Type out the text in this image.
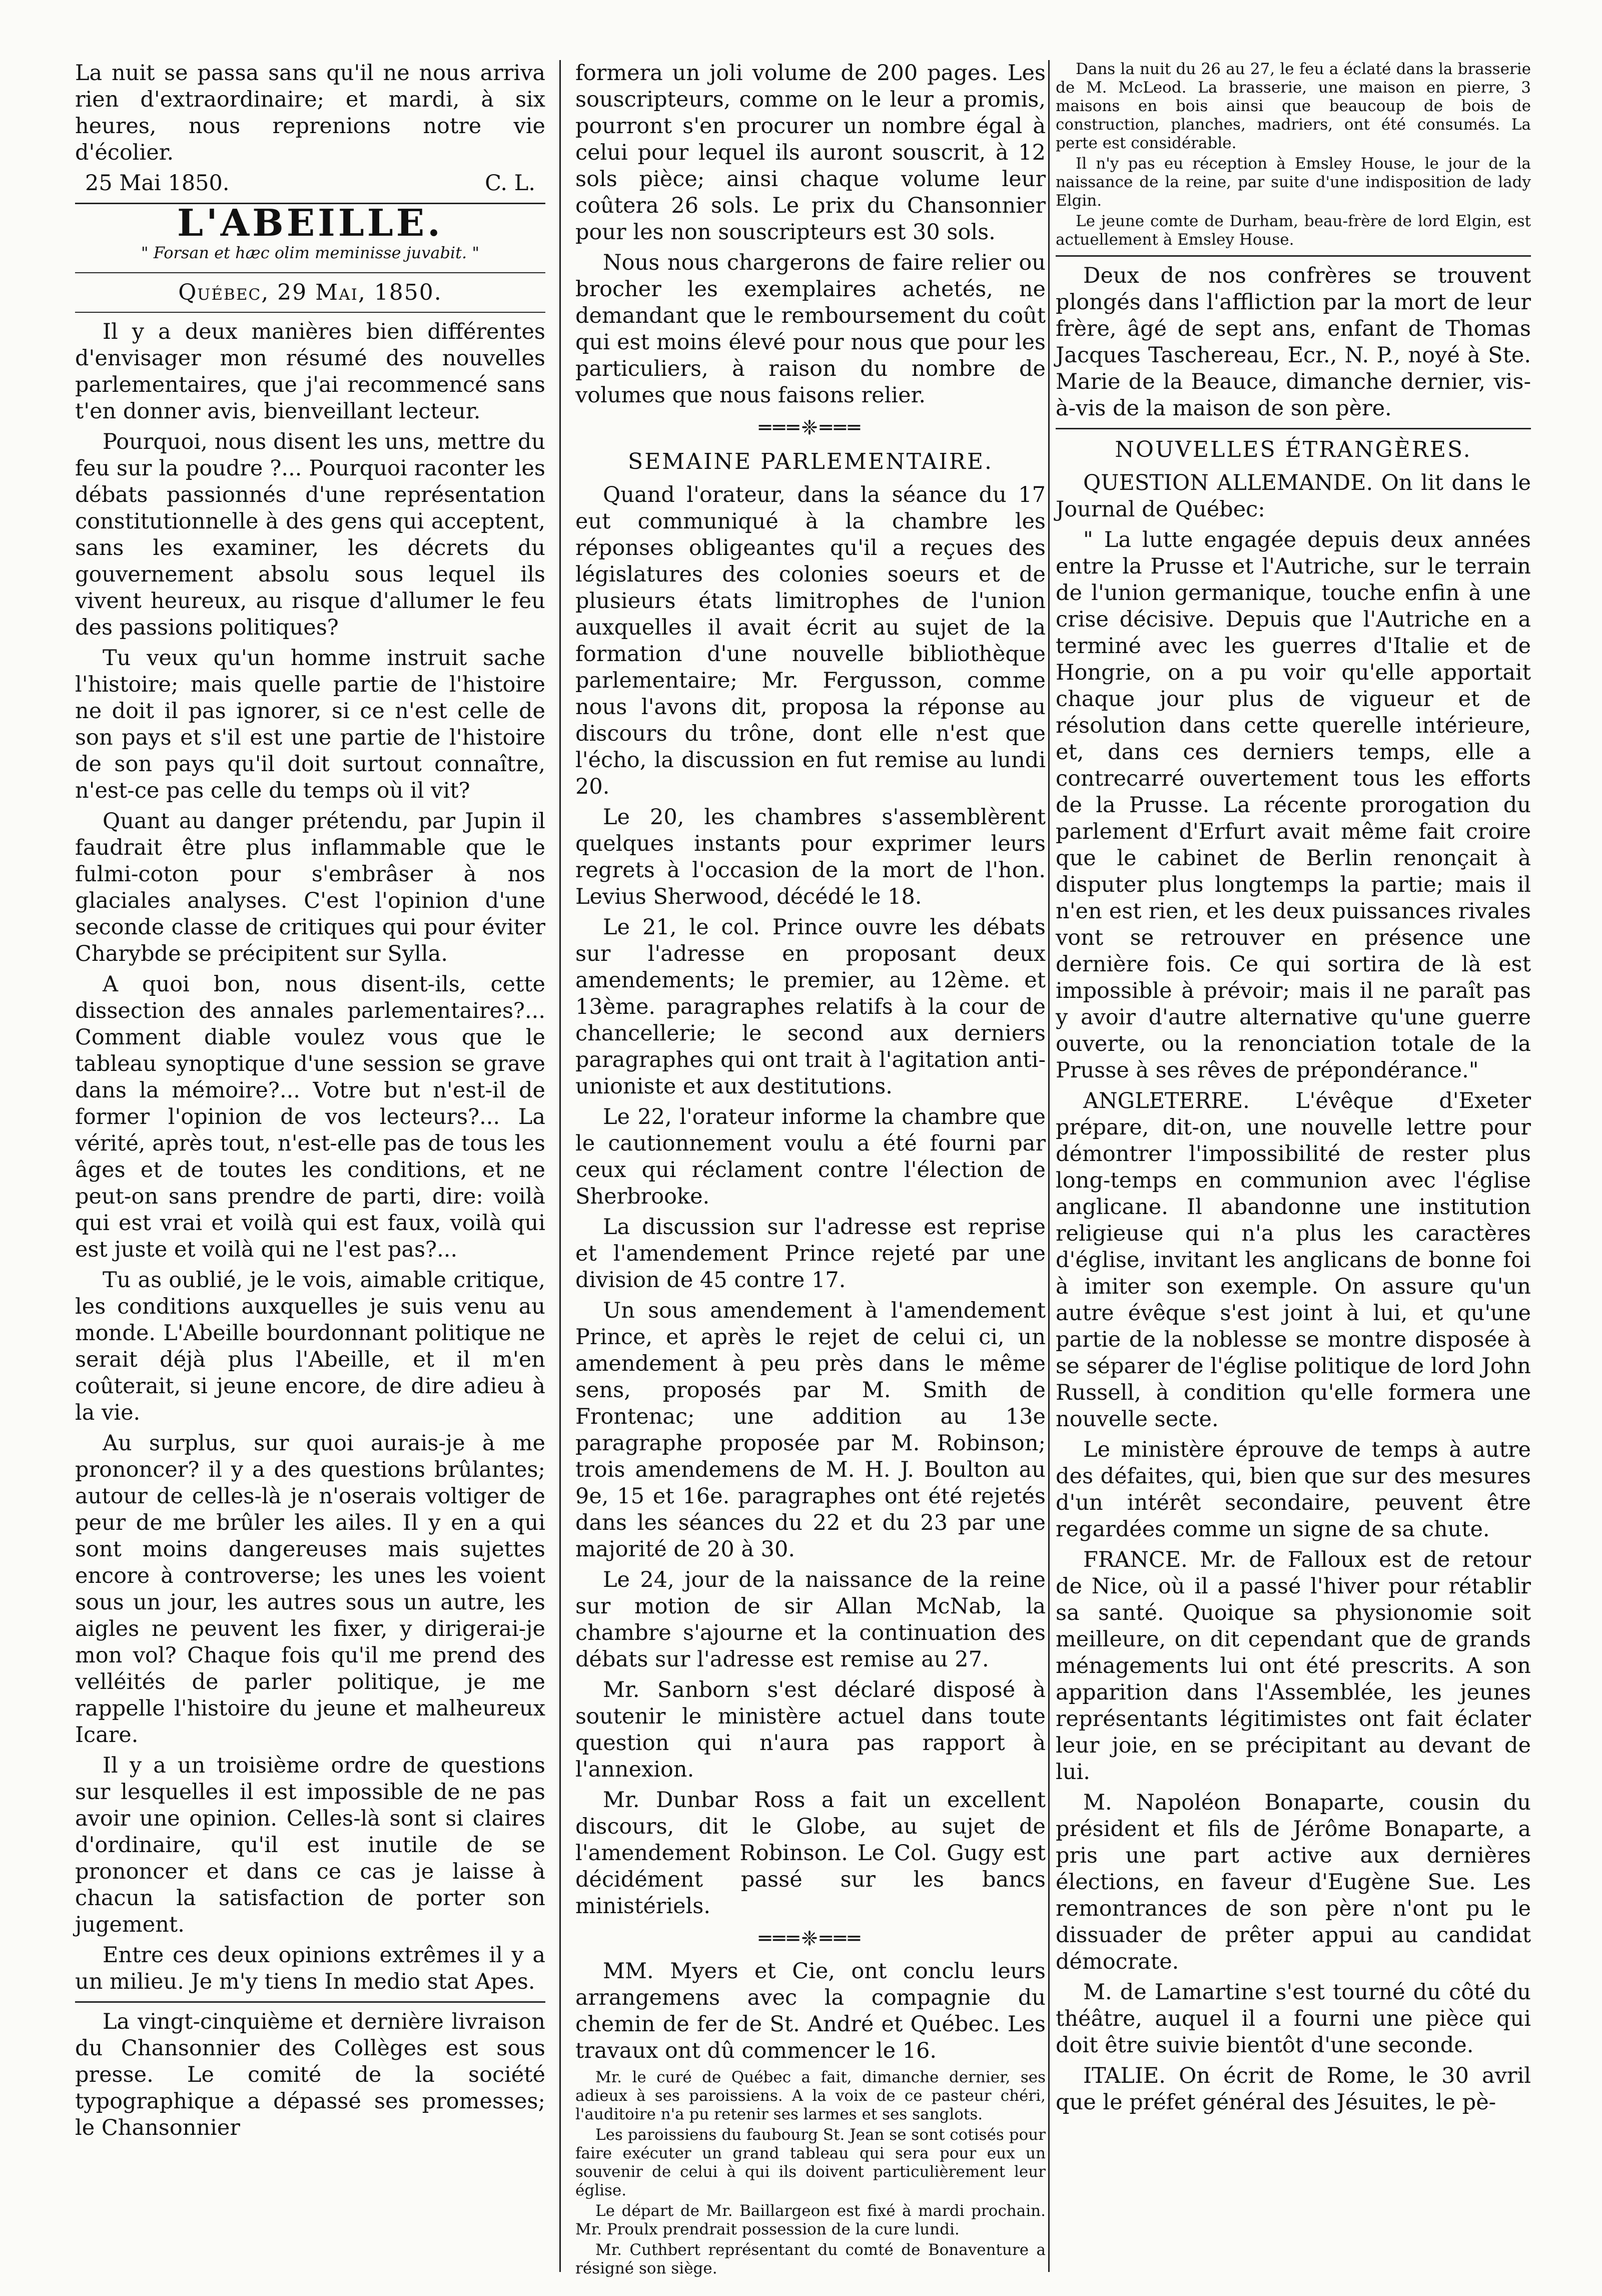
La nuit se passa sans qu'il ne nous arriva rien d'extraordinaire; et mardi, à six heures, nous reprenions notre vie d'écolier.

25 Mai 1850.	C. L.
L'ABEILLE.
" Forsan et hæc olim meminisse juvabit. "
Québec, 29 Mai, 1850.

Il y a deux manières bien différentes d'envisager mon résumé des nouvelles parlementaires, que j'ai recommencé sans t'en donner avis, bienveillant lecteur.

Pourquoi, nous disent les uns, mettre du feu sur la poudre ?... Pourquoi raconter les débats passionnés d'une représentation constitutionnelle à des gens qui acceptent, sans les examiner, les décrets du gouvernement absolu sous lequel ils vivent heureux, au risque d'allumer le feu des passions politiques?

Tu veux qu'un homme instruit sache l'histoire; mais quelle partie de l'histoire ne doit il pas ignorer, si ce n'est celle de son pays et s'il est une partie de l'histoire de son pays qu'il doit surtout connaître, n'est-ce pas celle du temps où il vit?

Quant au danger prétendu, par Jupin il faudrait être plus inflammable que le fulmi-coton pour s'embrâser à nos glaciales analyses. C'est l'opinion d'une seconde classe de critiques qui pour éviter Charybde se précipitent sur Sylla.

A quoi bon, nous disent-ils, cette dissection des annales parlementaires?... Comment diable voulez vous que le tableau synoptique d'une session se grave dans la mémoire?... Votre but n'est-il de former l'opinion de vos lecteurs?... La vérité, après tout, n'est-elle pas de tous les âges et de toutes les conditions, et ne peut-on sans prendre de parti, dire: voilà qui est vrai et voilà qui est faux, voilà qui est juste et voilà qui ne l'est pas?...

Tu as oublié, je le vois, aimable critique, les conditions auxquelles je suis venu au monde. L'Abeille bourdonnant politique ne serait déjà plus l'Abeille, et il m'en coûterait, si jeune encore, de dire adieu à la vie.

Au surplus, sur quoi aurais-je à me prononcer? il y a des questions brûlantes; autour de celles-là je n'oserais voltiger de peur de me brûler les ailes. Il y en a qui sont moins dangereuses mais sujettes encore à controverse; les unes les voient sous un jour, les autres sous un autre, les aigles ne peuvent les fixer, y dirigerai-je mon vol? Chaque fois qu'il me prend des velléités de parler politique, je me rappelle l'histoire du jeune et malheureux Icare.

Il y a un troisième ordre de questions sur lesquelles il est impossible de ne pas avoir une opinion. Celles-là sont si claires d'ordinaire, qu'il est inutile de se prononcer et dans ce cas je laisse à chacun la satisfaction de porter son jugement.

Entre ces deux opinions extrêmes il y a un milieu. Je m'y tiens In medio stat Apes.

La vingt-cinquième et dernière livraison du Chansonnier des Collèges est sous presse. Le comité de la société typographique a dépassé ses promesses; le Chansonnier

formera un joli volume de 200 pages. Les souscripteurs, comme on le leur a promis, pourront s'en procurer un nombre égal à celui pour lequel ils auront souscrit, à 12 sols pièce; ainsi chaque volume leur coûtera 26 sols. Le prix du Chansonnier pour les non souscripteurs est 30 sols.

Nous nous chargerons de faire relier ou brocher les exemplaires achetés, ne demandant que le remboursement du coût qui est moins élevé pour nous que pour les particuliers, à raison du nombre de volumes que nous faisons relier.

═══❈═══
SEMAINE PARLEMENTAIRE.

Quand l'orateur, dans la séance du 17 eut communiqué à la chambre les réponses obligeantes qu'il a reçues des législatures des colonies soeurs et de plusieurs états limitrophes de l'union auxquelles il avait écrit au sujet de la formation d'une nouvelle bibliothèque parlementaire; Mr. Fergusson, comme nous l'avons dit, proposa la réponse au discours du trône, dont elle n'est que l'écho, la discussion en fut remise au lundi 20.

Le 20, les chambres s'assemblèrent quelques instants pour exprimer leurs regrets à l'occasion de la mort de l'hon. Levius Sherwood, décédé le 18.

Le 21, le col. Prince ouvre les débats sur l'adresse en proposant deux amendements; le premier, au 12ème. et 13ème. paragraphes relatifs à la cour de chancellerie; le second aux derniers paragraphes qui ont trait à l'agitation anti-unioniste et aux destitutions.

Le 22, l'orateur informe la chambre que le cautionnement voulu a été fourni par ceux qui réclament contre l'élection de Sherbrooke.

La discussion sur l'adresse est reprise et l'amendement Prince rejeté par une division de 45 contre 17.

Un sous amendement à l'amendement Prince, et après le rejet de celui ci, un amendement à peu près dans le même sens, proposés par M. Smith de Frontenac; une addition au 13e paragraphe proposée par M. Robinson; trois amendemens de M. H. J. Boulton au 9e, 15 et 16e. paragraphes ont été rejetés dans les séances du 22 et du 23 par une majorité de 20 à 30.

Le 24, jour de la naissance de la reine sur motion de sir Allan McNab, la chambre s'ajourne et la continuation des débats sur l'adresse est remise au 27.

Mr. Sanborn s'est déclaré disposé à soutenir le ministère actuel dans toute question qui n'aura pas rapport à l'annexion.

Mr. Dunbar Ross a fait un excellent discours, dit le Globe, au sujet de l'amendement Robinson. Le Col. Gugy est décidément passé sur les bancs ministériels.

═══❈═══

MM. Myers et Cie, ont conclu leurs arrangemens avec la compagnie du chemin de fer de St. André et Québec. Les travaux ont dû commencer le 16.

Mr. le curé de Québec a fait, dimanche dernier, ses adieux à ses paroissiens. A la voix de ce pasteur chéri, l'auditoire n'a pu retenir ses larmes et ses sanglots.

Les paroissiens du faubourg St. Jean se sont cotisés pour faire exécuter un grand tableau qui sera pour eux un souvenir de celui à qui ils doivent particulièrement leur église.

Le départ de Mr. Baillargeon est fixé à mardi prochain. Mr. Proulx prendrait possession de la cure lundi.

Mr. Cuthbert représentant du comté de Bonaventure a résigné son siège.

Dans la nuit du 26 au 27, le feu a éclaté dans la brasserie de M. McLeod. La brasserie, une maison en pierre, 3 maisons en bois ainsi que beaucoup de bois de construction, planches, madriers, ont été consumés. La perte est considérable.

Il n'y pas eu réception à Emsley House, le jour de la naissance de la reine, par suite d'une indisposition de lady Elgin.

Le jeune comte de Durham, beau-frère de lord Elgin, est actuellement à Emsley House.

Deux de nos confrères se trouvent plongés dans l'affliction par la mort de leur frère, âgé de sept ans, enfant de Thomas Jacques Taschereau, Ecr., N. P., noyé à Ste. Marie de la Beauce, dimanche dernier, vis-à-vis de la maison de son père.

NOUVELLES ÉTRANGÈRES.

QUESTION ALLEMANDE. On lit dans le Journal de Québec:

" La lutte engagée depuis deux années entre la Prusse et l'Autriche, sur le terrain de l'union germanique, touche enfin à une crise décisive. Depuis que l'Autriche en a terminé avec les guerres d'Italie et de Hongrie, on a pu voir qu'elle apportait chaque jour plus de vigueur et de résolution dans cette querelle intérieure, et, dans ces derniers temps, elle a contrecarré ouvertement tous les efforts de la Prusse. La récente prorogation du parlement d'Erfurt avait même fait croire que le cabinet de Berlin renonçait à disputer plus longtemps la partie; mais il n'en est rien, et les deux puissances rivales vont se retrouver en présence une dernière fois. Ce qui sortira de là est impossible à prévoir; mais il ne paraît pas y avoir d'autre alternative qu'une guerre ouverte, ou la renonciation totale de la Prusse à ses rêves de prépondérance."

ANGLETERRE. L'évêque d'Exeter prépare, dit-on, une nouvelle lettre pour démontrer l'impossibilité de rester plus long-temps en communion avec l'église anglicane. Il abandonne une institution religieuse qui n'a plus les caractères d'église, invitant les anglicans de bonne foi à imiter son exemple. On assure qu'un autre évêque s'est joint à lui, et qu'une partie de la noblesse se montre disposée à se séparer de l'église politique de lord John Russell, à condition qu'elle formera une nouvelle secte.

Le ministère éprouve de temps à autre des défaites, qui, bien que sur des mesures d'un intérêt secondaire, peuvent être regardées comme un signe de sa chute.

FRANCE. Mr. de Falloux est de retour de Nice, où il a passé l'hiver pour rétablir sa santé. Quoique sa physionomie soit meilleure, on dit cependant que de grands ménagements lui ont été prescrits. A son apparition dans l'Assemblée, les jeunes représentants légitimistes ont fait éclater leur joie, en se précipitant au devant de lui.

M. Napoléon Bonaparte, cousin du président et fils de Jérôme Bonaparte, a pris une part active aux dernières élections, en faveur d'Eugène Sue. Les remontrances de son père n'ont pu le dissuader de prêter appui au candidat démocrate.

M. de Lamartine s'est tourné du côté du théâtre, auquel il a fourni une pièce qui doit être suivie bientôt d'une seconde.

ITALIE. On écrit de Rome, le 30 avril que le préfet général des Jésuites, le pè-
